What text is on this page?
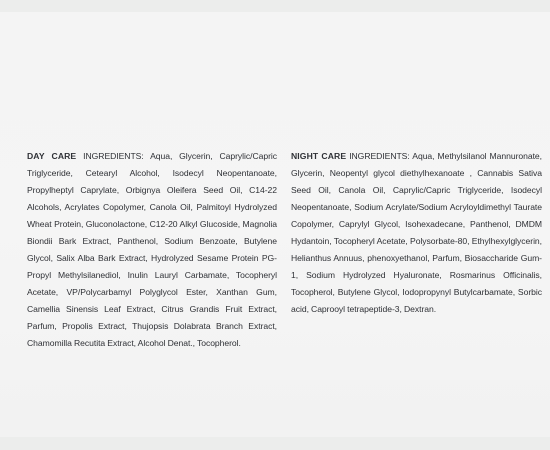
DAY CARE INGREDIENTS: Aqua, Glycerin, Caprylic/Capric Triglyceride, Cetearyl Alcohol, Isodecyl Neopentanoate, Propylheptyl Caprylate, Orbignya Oleifera Seed Oil, C14-22 Alcohols, Acrylates Copolymer, Canola Oil, Palmitoyl Hydrolyzed Wheat Protein, Gluconolactone, C12-20 Alkyl Glucoside, Magnolia Biondii Bark Extract, Panthenol, Sodium Benzoate, Butylene Glycol, Salix Alba Bark Extract, Hydrolyzed Sesame Protein PG-Propyl Methylsilanediol, Inulin Lauryl Carbamate, Tocopheryl Acetate, VP/Polycarbamyl Polyglycol Ester, Xanthan Gum, Camellia Sinensis Leaf Extract, Citrus Grandis Fruit Extract, Parfum, Propolis Extract, Thujopsis Dolabrata Branch Extract, Chamomilla Recutita Extract, Alcohol Denat., Tocopherol.
NIGHT CARE INGREDIENTS: Aqua, Methylsilanol Mannuronate, Glycerin, Neopentyl glycol diethylhexanoate , Cannabis Sativa Seed Oil, Canola Oil, Caprylic/Capric Triglyceride, Isodecyl Neopentanoate, Sodium Acrylate/Sodium Acryloyldimethyl Taurate Copolymer, Caprylyl Glycol, Isohexadecane, Panthenol, DMDM Hydantoin, Tocopheryl Acetate, Polysorbate-80, Ethylhexylglycerin, Helianthus Annuus, phenoxyethanol, Parfum, Biosaccharide Gum-1, Sodium Hydrolyzed Hyaluronate, Rosmarinus Officinalis, Tocopherol, Butylene Glycol, Iodopropynyl Butylcarbamate, Sorbic acid, Caprooyl tetrapeptide-3, Dextran.
